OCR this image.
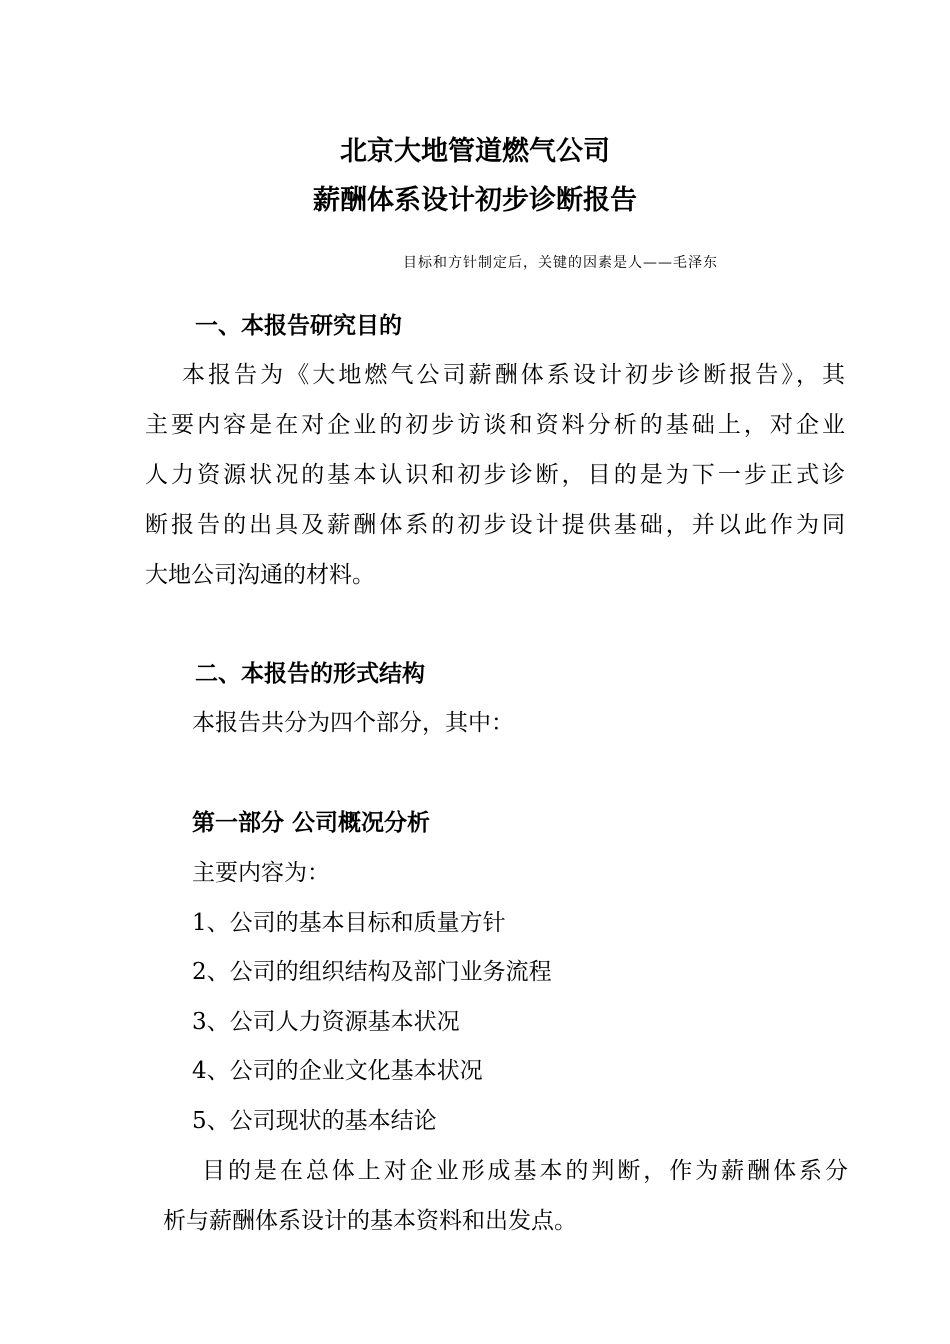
北京大地管道燃气公司
薪酬体系设计初步诊断报告
目标和方针制定后，关键的因素是人——毛泽东
一、本报告研究目的
本报告为《大地燃气公司薪酬体系设计初步诊断报告》，其
主要内容是在对企业的初步访谈和资料分析的基础上，对企业
人力资源状况的基本认识和初步诊断，目的是为下一步正式诊
断报告的出具及薪酬体系的初步设计提供基础，并以此作为同
大地公司沟通的材料。
二、本报告的形式结构
本报告共分为四个部分，其中：
第一部分 公司概况分析
主要内容为：
1、公司的基本目标和质量方针
2、公司的组织结构及部门业务流程
3、公司人力资源基本状况
4、公司的企业文化基本状况
5、公司现状的基本结论
目的是在总体上对企业形成基本的判断，作为薪酬体系分
析与薪酬体系设计的基本资料和出发点。
